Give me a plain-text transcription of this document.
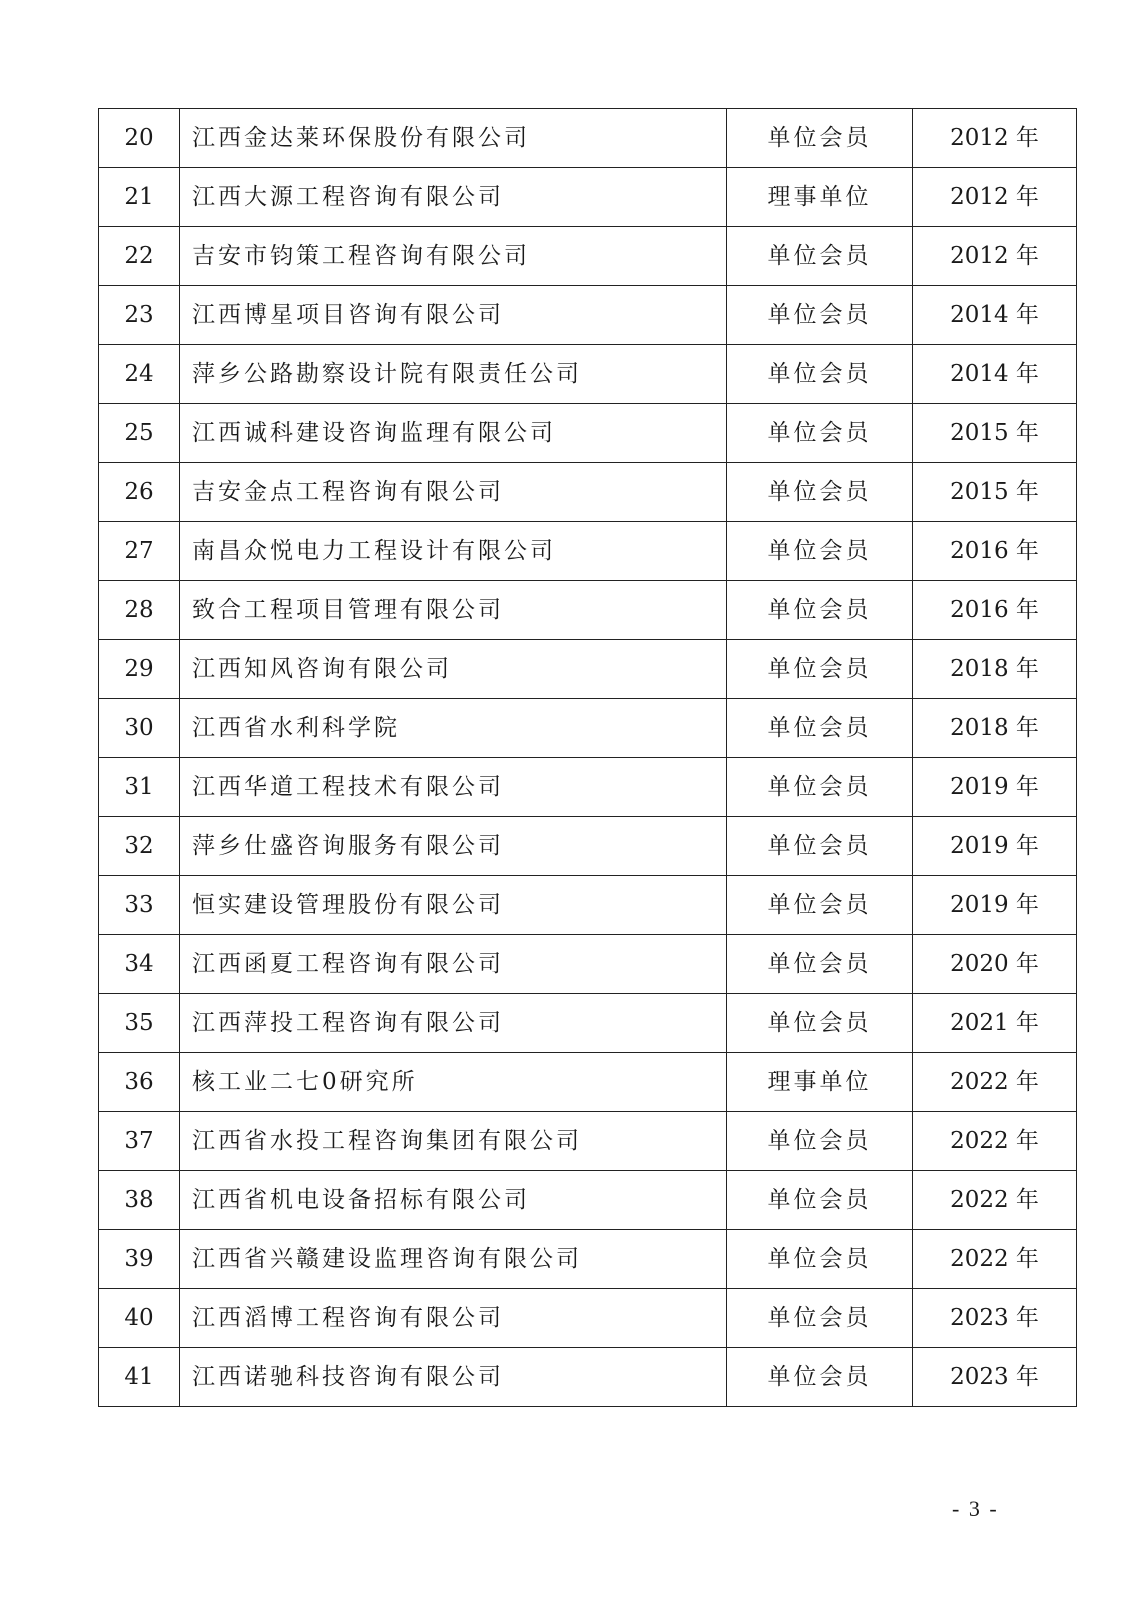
20	江西金达莱环保股份有限公司	单位会员	2012 年
21	江西大源工程咨询有限公司	理事单位	2012 年
22	吉安市钧策工程咨询有限公司	单位会员	2012 年
23	江西博星项目咨询有限公司	单位会员	2014 年
24	萍乡公路勘察设计院有限责任公司	单位会员	2014 年
25	江西诚科建设咨询监理有限公司	单位会员	2015 年
26	吉安金点工程咨询有限公司	单位会员	2015 年
27	南昌众悦电力工程设计有限公司	单位会员	2016 年
28	致合工程项目管理有限公司	单位会员	2016 年
29	江西知风咨询有限公司	单位会员	2018 年
30	江西省水利科学院	单位会员	2018 年
31	江西华道工程技术有限公司	单位会员	2019 年
32	萍乡仕盛咨询服务有限公司	单位会员	2019 年
33	恒实建设管理股份有限公司	单位会员	2019 年
34	江西函夏工程咨询有限公司	单位会员	2020 年
35	江西萍投工程咨询有限公司	单位会员	2021 年
36	核工业二七0研究所	理事单位	2022 年
37	江西省水投工程咨询集团有限公司	单位会员	2022 年
38	江西省机电设备招标有限公司	单位会员	2022 年
39	江西省兴赣建设监理咨询有限公司	单位会员	2022 年
40	江西滔博工程咨询有限公司	单位会员	2023 年
41	江西诺驰科技咨询有限公司	单位会员	2023 年
- 3 -
